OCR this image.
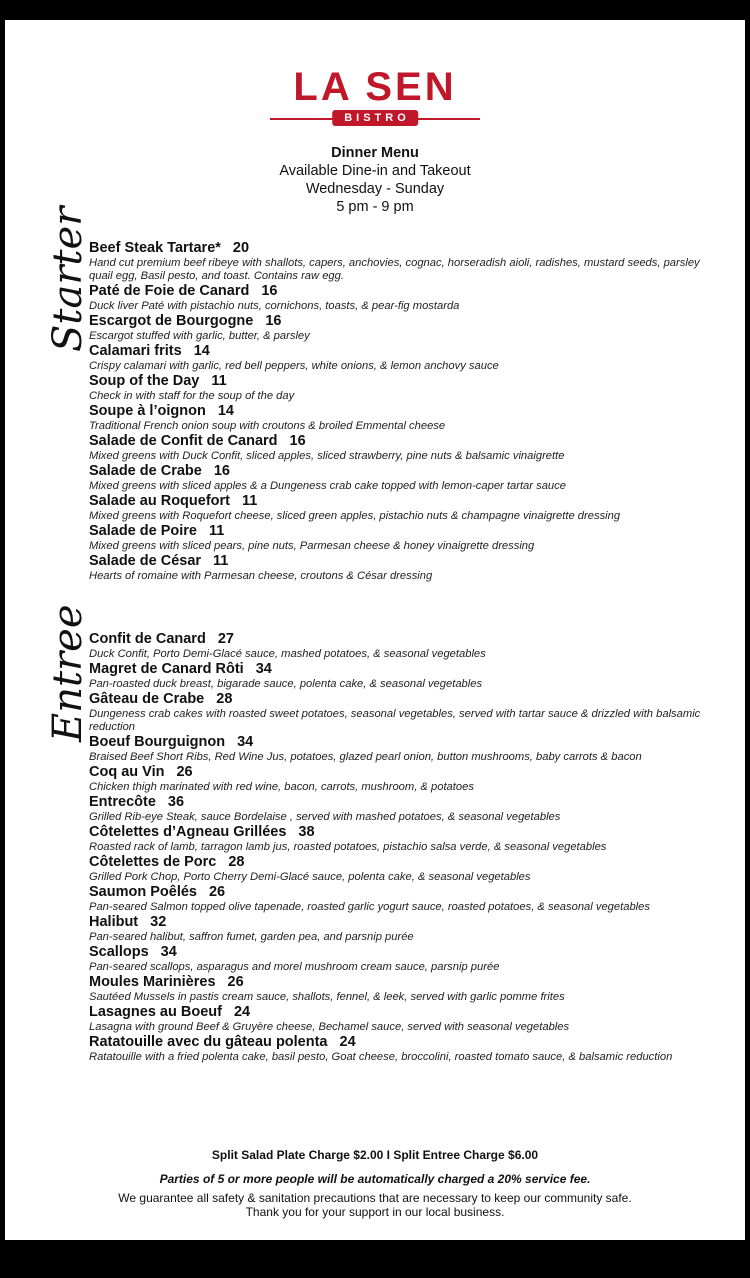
LA SEN
BISTRO
Dinner Menu
Available Dine-in and Takeout
Wednesday - Sunday
5 pm - 9 pm
Starter
Beef Steak Tartare* 20
Hand cut premium beef ribeye with shallots, capers, anchovies, cognac, horseradish aioli, radishes, mustard seeds, parsley quail egg, Basil pesto, and toast. Contains raw egg.
Paté de Foie de Canard 16
Duck liver Paté with pistachio nuts, cornichons, toasts, & pear-fig mostarda
Escargot de Bourgogne 16
Escargot stuffed with garlic, butter, & parsley
Calamari frits 14
Crispy calamari with garlic, red bell peppers, white onions, & lemon anchovy sauce
Soup of the Day 11
Check in with staff for the soup of the day
Soupe à l’oignon 14
Traditional French onion soup with croutons & broiled Emmental cheese
Salade de Confit de Canard 16
Mixed greens with Duck Confit, sliced apples, sliced strawberry, pine nuts & balsamic vinaigrette
Salade de Crabe 16
Mixed greens with sliced apples & a Dungeness crab cake topped with lemon-caper tartar sauce
Salade au Roquefort 11
Mixed greens with Roquefort cheese, sliced green apples, pistachio nuts & champagne vinaigrette dressing
Salade de Poire 11
Mixed greens with sliced pears, pine nuts, Parmesan cheese & honey vinaigrette dressing
Salade de César 11
Hearts of romaine with Parmesan cheese, croutons & César dressing
Entree
Confit de Canard 27
Duck Confit, Porto Demi-Glacé sauce, mashed potatoes, & seasonal vegetables
Magret de Canard Rôti 34
Pan-roasted duck breast, bigarade sauce, polenta cake, & seasonal vegetables
Gâteau de Crabe 28
Dungeness crab cakes with roasted sweet potatoes, seasonal vegetables, served with tartar sauce & drizzled with balsamic reduction
Boeuf Bourguignon 34
Braised Beef Short Ribs, Red Wine Jus, potatoes, glazed pearl onion, button mushrooms, baby carrots & bacon
Coq au Vin 26
Chicken thigh marinated with red wine, bacon, carrots, mushroom, & potatoes
Entrecôte 36
Grilled Rib-eye Steak, sauce Bordelaise , served with mashed potatoes, & seasonal vegetables
Côtelettes d’Agneau Grillées 38
Roasted rack of lamb, tarragon lamb jus, roasted potatoes, pistachio salsa verde, & seasonal vegetables
Côtelettes de Porc 28
Grilled Pork Chop, Porto Cherry Demi-Glacé sauce, polenta cake, & seasonal vegetables
Saumon Poêlés 26
Pan-seared Salmon topped olive tapenade, roasted garlic yogurt sauce, roasted potatoes, & seasonal vegetables
Halibut 32
Pan-seared halibut, saffron fumet, garden pea, and parsnip purée
Scallops 34
Pan-seared scallops, asparagus and morel mushroom cream sauce, parsnip purée
Moules Marinières 26
Sautéed Mussels in pastis cream sauce, shallots, fennel, & leek, served with garlic pomme frites
Lasagnes au Boeuf 24
Lasagna with ground Beef & Gruyère cheese, Bechamel sauce, served with seasonal vegetables
Ratatouille avec du gâteau polenta 24
Ratatouille with a fried polenta cake, basil pesto, Goat cheese, broccolini, roasted tomato sauce, & balsamic reduction
Split Salad Plate Charge $2.00 I Split Entree Charge $6.00
Parties of 5 or more people will be automatically charged a 20% service fee.
We guarantee all safety & sanitation precautions that are necessary to keep our community safe.
Thank you for your support in our local business.
